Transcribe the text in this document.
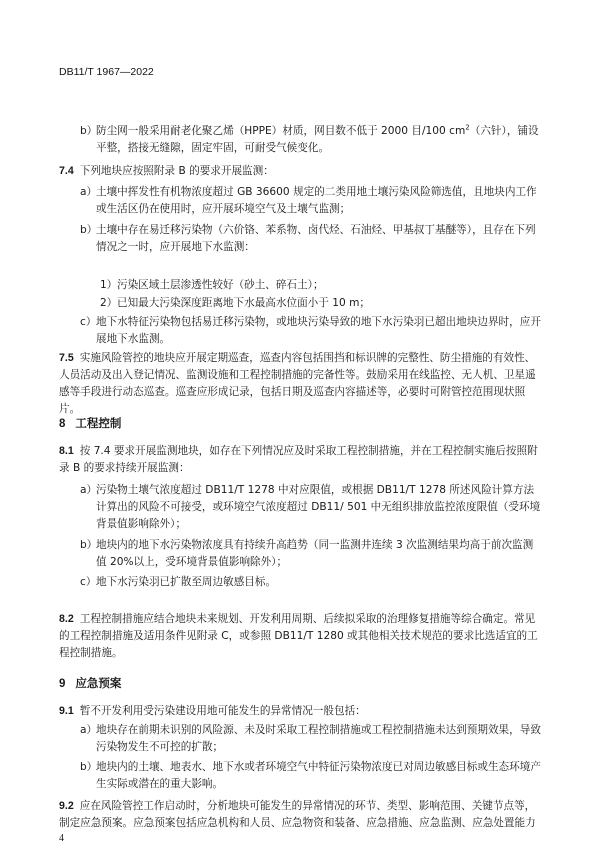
DB11/T 1967—2022
b）
防尘网一般采用耐老化聚乙烯（HPPE）材质，网目数不低于 2000 目/100 $cm^2$（六针），铺设平整，搭接无缝隙，固定牢固，可耐受气候变化。
7.4 下列地块应按照附录 B 的要求开展监测：
a）
土壤中挥发性有机物浓度超过 GB 36600 规定的二类用地土壤污染风险筛选值，且地块内工作或生活区仍在使用时，应开展环境空气及土壤气监测；
b）
土壤中存在易迁移污染物（六价铬、苯系物、卤代烃、石油烃、甲基叔丁基醚等），且存在下列情况之一时，应开展地下水监测：
1） 污染区域土层渗透性较好（砂土、碎石土）；
2） 已知最大污染深度距离地下水最高水位面小于 10 m；
c） 地下水特征污染物包括易迁移污染物，或地块污染导致的地下水污染羽已超出地块边界时，应开展地下水监测。
7.5 实施风险管控的地块应开展定期巡查，巡查内容包括围挡和标识牌的完整性、防尘措施的有效性、人员活动及出入登记情况、监测设施和工程控制措施的完备性等。鼓励采用在线监控、无人机、卫星遥感等手段进行动态巡查。巡查应形成记录，包括日期及巡查内容描述等，必要时可附管控范围现状照片。
8 工程控制
8.1 按 7.4 要求开展监测地块，如存在下列情况应及时采取工程控制措施，并在工程控制实施后按照附录 B 的要求持续开展监测：
a）
污染物土壤气浓度超过 DB11/T 1278 中对应限值，或根据 DB11/T 1278 所述风险计算方法计算出的风险不可接受，或环境空气浓度超过 DB11/ 501 中无组织排放监控浓度限值（受环境背景值影响除外）；
b）
地块内的地下水污染物浓度具有持续升高趋势（同一监测井连续 3 次监测结果均高于前次监测值 20%以上，受环境背景值影响除外）；
c） 地下水污染羽已扩散至周边敏感目标。
8.2 工程控制措施应结合地块未来规划、开发利用周期、后续拟采取的治理修复措施等综合确定。常见的工程控制措施及适用条件见附录 C，或参照 DB11/T 1280 或其他相关技术规范的要求比选适宜的工程控制措施。
9 应急预案
9.1 暂不开发利用受污染建设用地可能发生的异常情况一般包括：
a）
地块存在前期未识别的风险源、未及时采取工程控制措施或工程控制措施未达到预期效果，导致污染物发生不可控的扩散；
b）
地块内的土壤、地表水、地下水或者环境空气中特征污染物浓度已对周边敏感目标或生态环境产生实际或潜在的重大影响。
9.2 应在风险管控工作启动时，分析地块可能发生的异常情况的环节、类型、影响范围、关键节点等，制定应急预案。应急预案包括应急机构和人员、应急物资和装备、应急措施、应急监测、应急处置能力
4
